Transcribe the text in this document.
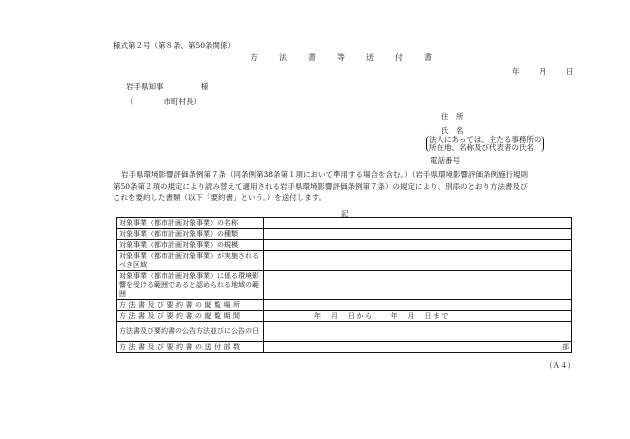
様式第２号（第８条、第50条関係）
方法書等送付書
年　月　日
岩手県知事　　　　　様
（　　　　市町村長）
住　所
氏　名
法人にあっては、主たる事務所の
所在地、名称及び代表者の氏名
電話番号
岩手県環境影響評価条例第７条（同条例第38条第１項において準用する場合を含む。）（岩手県環境影響評価条例施行規則第50条第２項の規定により読み替えて適用される岩手県環境影響評価条例第７条）の規定により、別添のとおり方法書及びこれを要約した書類（以下「要約書」という。）を送付します。
記
対象事業（都市計画対象事業）の名称	
対象事業（都市計画対象事業）の種類	
対象事業（都市計画対象事業）の規模	
対象事業（都市計画対象事業）が実施されるべき区域	
対象事業（都市計画対象事業）に係る環境影響を受ける範囲であると認められる地域の範囲	
方法書及び要約書の縦覧場所	
方法書及び要約書の縦覧期間	年　月　日から　　年　月　日まで
方法書及び要約書の公告方法並びに公告の日	
方法書及び要約書の送付部数	部
（Ａ４）
